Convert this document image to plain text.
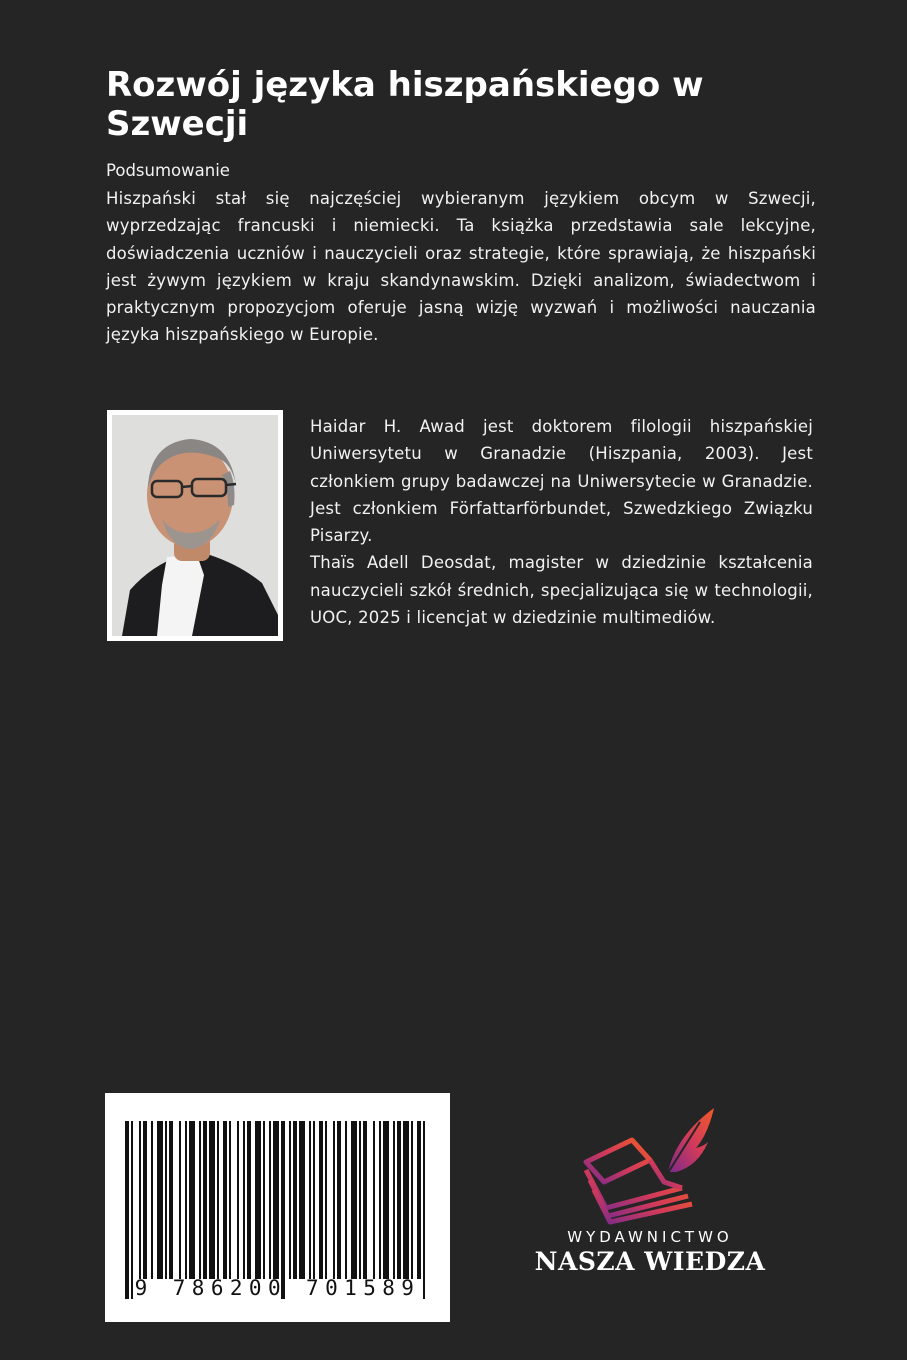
Rozwój języka hiszpańskiego w Szwecji
Podsumowanie

Hiszpański stał się najczęściej wybieranym językiem obcym w Szwecji, wyprzedzając francuski i niemiecki. Ta książka przedstawia sale lekcyjne, doświadczenia uczniów i nauczycieli oraz strategie, które sprawiają, że hiszpański jest żywym językiem w kraju skandynawskim. Dzięki analizom, świadectwom i praktycznym propozycjom oferuje jasną wizję wyzwań i możliwości nauczania języka hiszpańskiego w Europie.

Haidar H. Awad jest doktorem filologii hiszpańskiej Uniwersytetu w Granadzie (Hiszpania, 2003). Jest członkiem grupy badawczej na Uniwersytecie w Granadzie. Jest członkiem Författarförbundet, Szwedzkiego Związku Pisarzy.

Thaïs Adell Deosdat, magister w dziedzinie kształcenia nauczycieli szkół średnich, specjalizująca się w technologii, UOC, 2025 i licencjat w dziedzinie multimediów.

9 786200 701589
WYDAWNICTWO
NASZA WIEDZA
